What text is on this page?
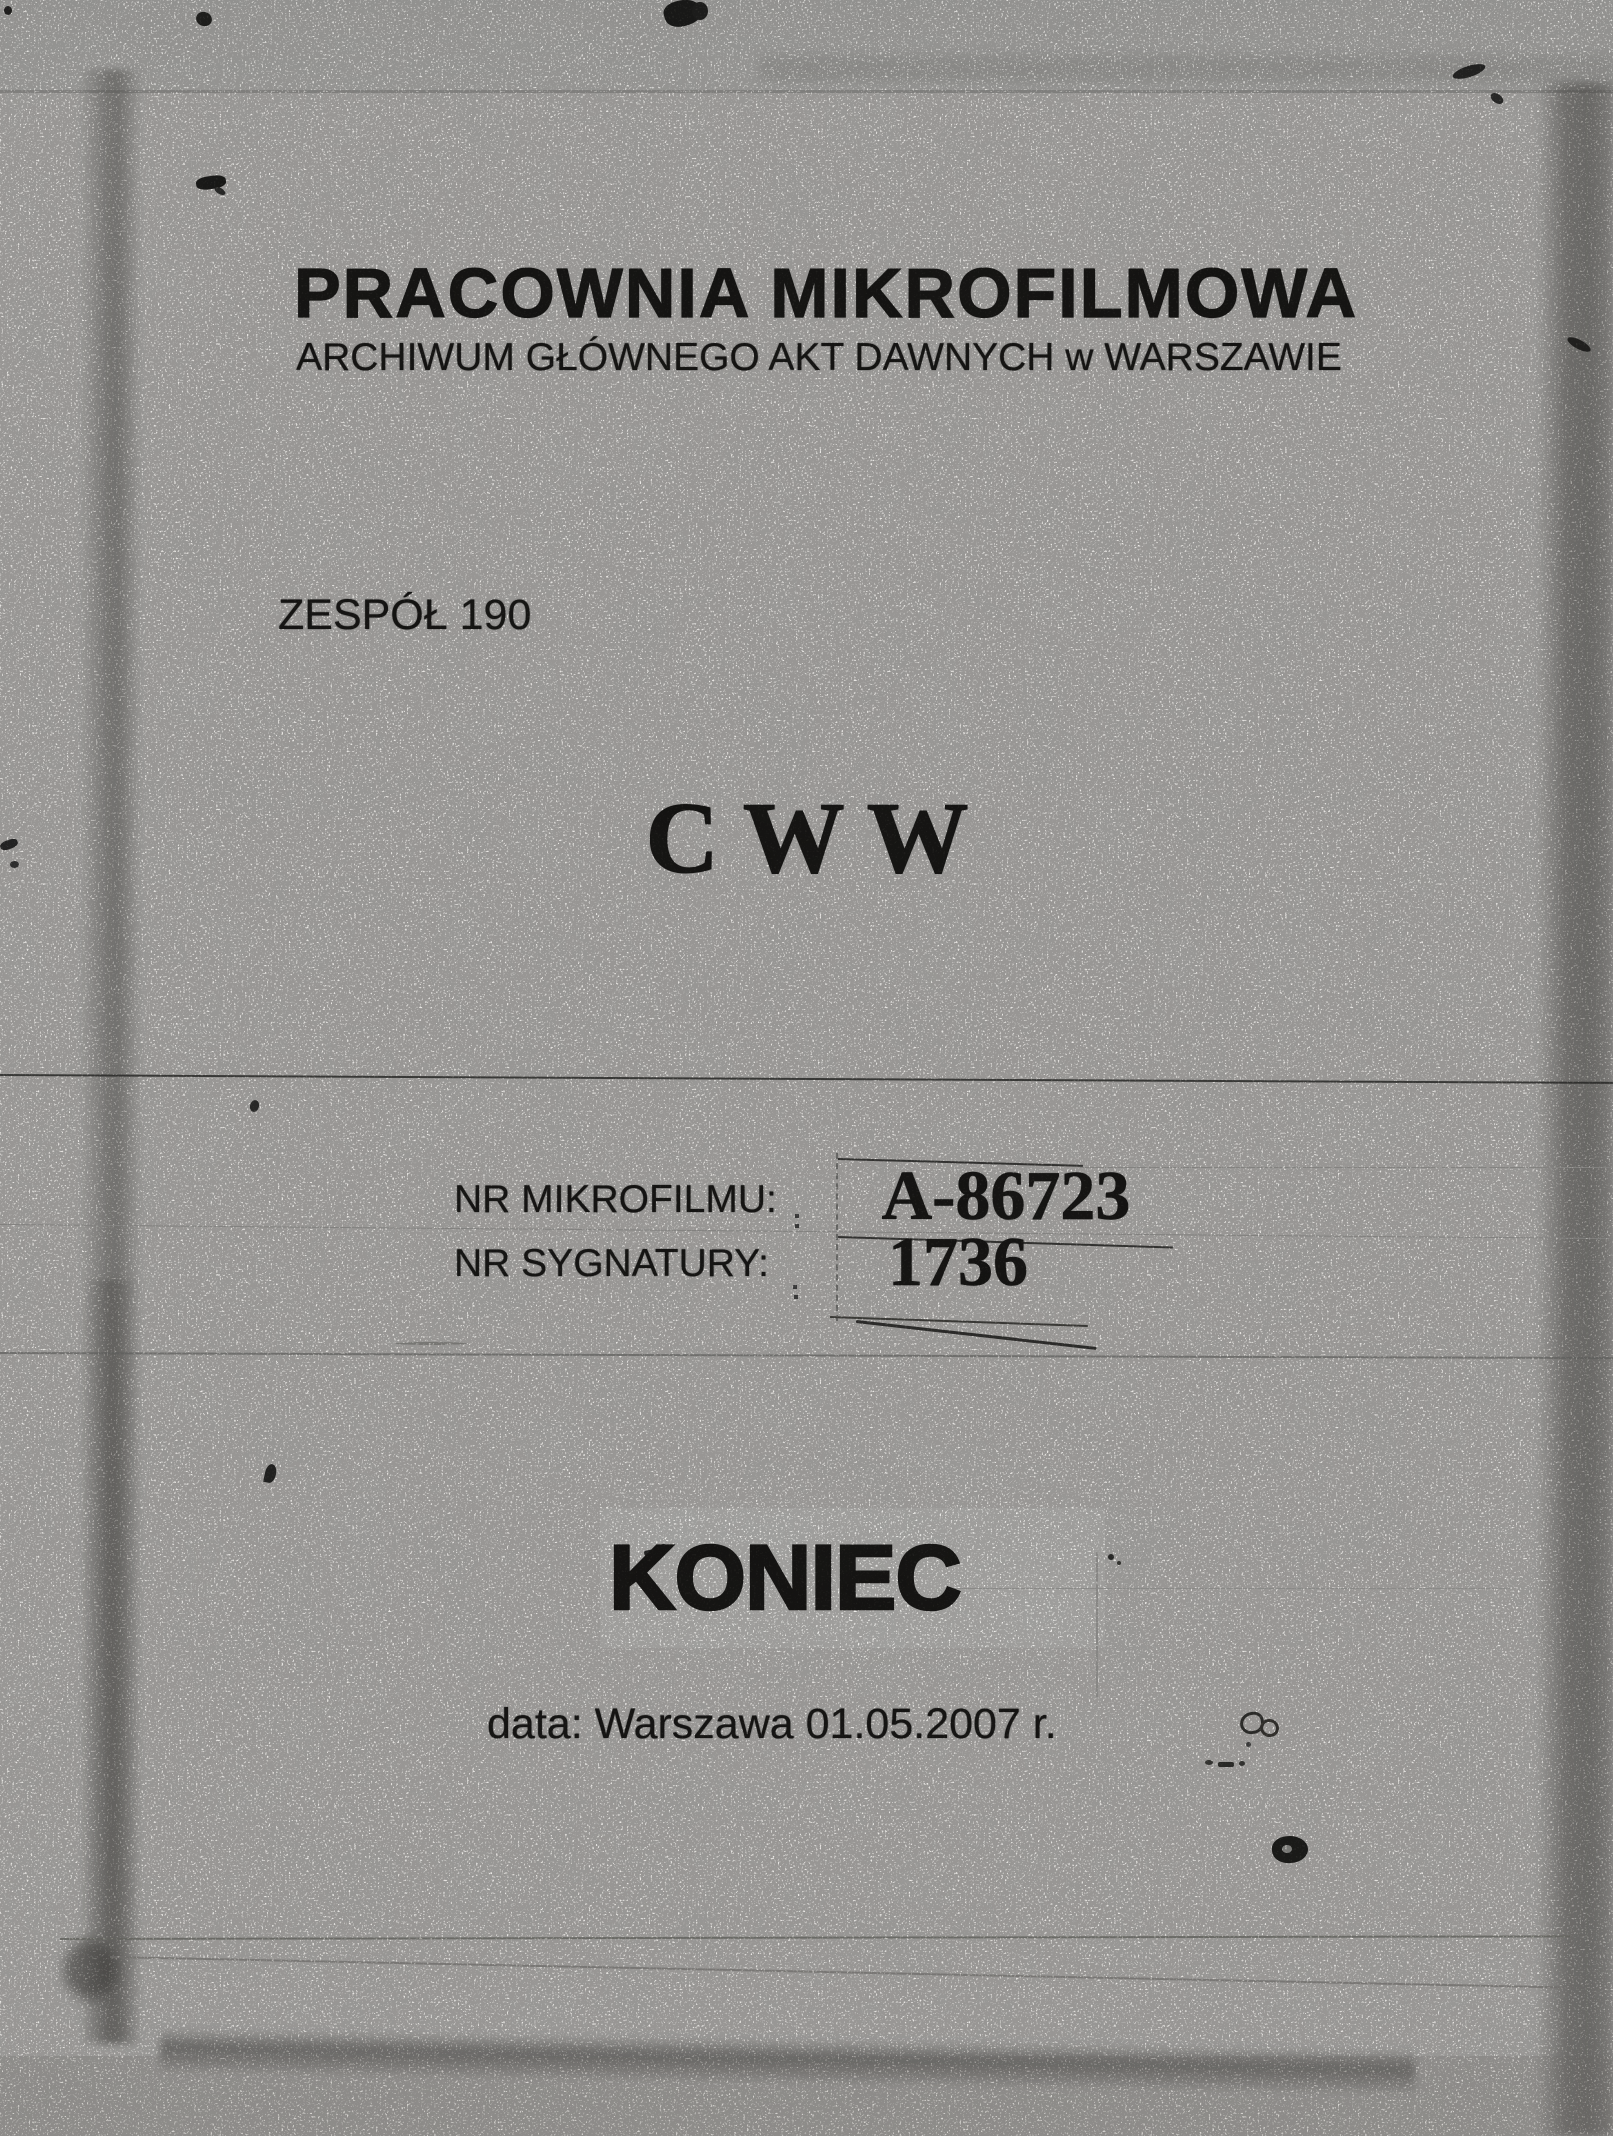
PRACOWNIA MIKROFILMOWA
ARCHIWUM GŁÓWNEGO AKT DAWNYCH w WARSZAWIE
ZESPÓŁ 190
C W W
NR MIKROFILMU: A-86723
NR SYGNATURY: 1736
KONIEC
data: Warszawa 01.05.2007 r.
